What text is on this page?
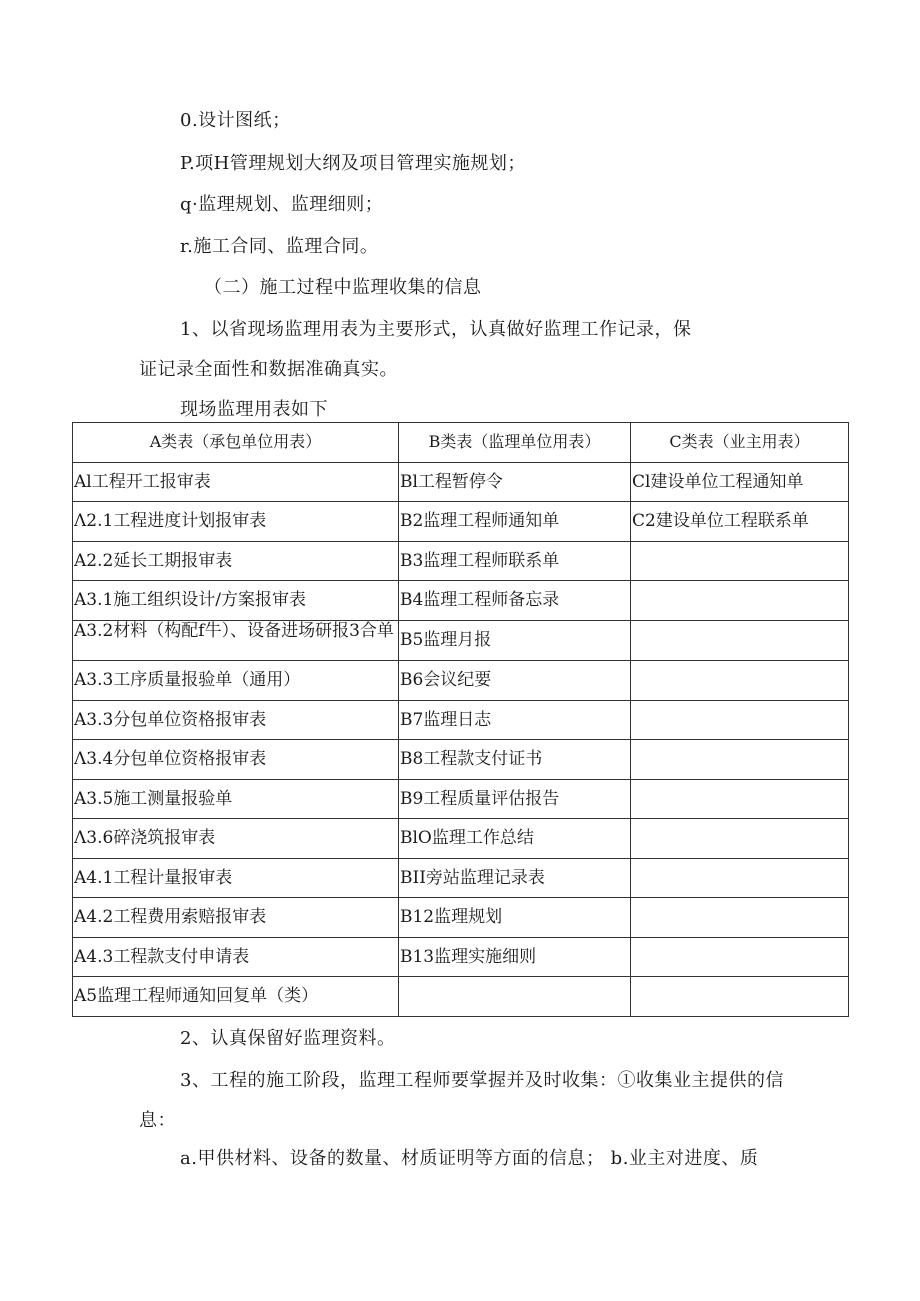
0.设计图纸；
P.项H管理规划大纲及项目管理实施规划；
q·监理规划、监理细则；
r.施工合同、监理合同。
（二）施工过程中监理收集的信息
1、以省现场监理用表为主要形式，认真做好监理工作记录，保
证记录全面性和数据准确真实。
现场监理用表如下
A类表（承包单位用表）	B类表（监理单位用表）	C类表（业主用表）
Al工程开工报审表	Bl工程暂停令	Cl建设单位工程通知单
Λ2.1工程进度计划报审表	B2监理工程师通知单	C2建设单位工程联系单
A2.2延长工期报审表	B3监理工程师联系单	
A3.1施工组织设计/方案报审表	B4监理工程师备忘录	
A3.2材料（构配f牛）、设备进场研报3合单	B5监理月报	
A3.3工序质量报验单（通用）	B6会议纪要	
A3.3分包单位资格报审表	B7监理日志	
Λ3.4分包单位资格报审表	B8工程款支付证书	
A3.5施工测量报验单	B9工程质量评估报告	
Λ3.6碎浇筑报审表	BlO监理工作总结	
A4.1工程计量报审表	BII旁站监理记录表	
A4.2工程费用索赔报审表	B12监理规划	
A4.3工程款支付申请表	B13监理实施细则	
A5监理工程师通知回复单（类）		
2、认真保留好监理资料。
3、工程的施工阶段，监理工程师要掌握并及时收集：①收集业主提供的信
息：
a.甲供材料、设备的数量、材质证明等方面的信息； b.业主对进度、质
